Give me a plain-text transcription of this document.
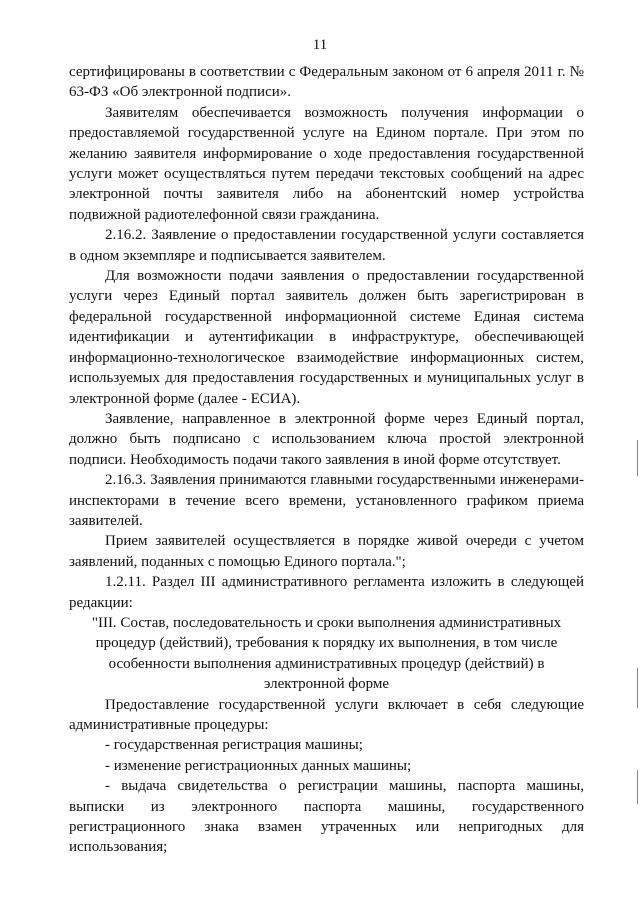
11

сертифицированы в соответствии с Федеральным законом от 6 апреля 2011 г. № 63-ФЗ «Об электронной подписи».

Заявителям обеспечивается возможность получения информации о предоставляемой государственной услуге на Едином портале. При этом по желанию заявителя информирование о ходе предоставления государственной услуги может осуществляться путем передачи текстовых сообщений на адрес электронной почты заявителя либо на абонентский номер устройства подвижной радиотелефонной связи гражданина.

2.16.2. Заявление о предоставлении государственной услуги составляется в одном экземпляре и подписывается заявителем.

Для возможности подачи заявления о предоставлении государственной услуги через Единый портал заявитель должен быть зарегистрирован в федеральной государственной информационной системе Единая система идентификации и аутентификации в инфраструктуре, обеспечивающей информационно-технологическое взаимодействие информационных систем, используемых для предоставления государственных и муниципальных услуг в электронной форме (далее - ЕСИА).

Заявление, направленное в электронной форме через Единый портал, должно быть подписано с использованием ключа простой электронной подписи. Необходимость подачи такого заявления в иной форме отсутствует.

2.16.3. Заявления принимаются главными государственными инженерами-инспекторами в течение всего времени, установленного графиком приема заявителей.

Прием заявителей осуществляется в порядке живой очереди с учетом заявлений, поданных с помощью Единого портала.";

1.2.11. Раздел III административного регламента изложить в следующей редакции:

"III. Состав, последовательность и сроки выполнения административных
процедур (действий), требования к порядку их выполнения, в том числе
особенности выполнения административных процедур (действий) в
электронной форме

Предоставление государственной услуги включает в себя следующие административные процедуры:

- государственная регистрация машины;

- изменение регистрационных данных машины;

- выдача свидетельства о регистрации машины, паспорта машины, выписки из электронного паспорта машины, государственного регистрационного знака взамен утраченных или непригодных для использования;
